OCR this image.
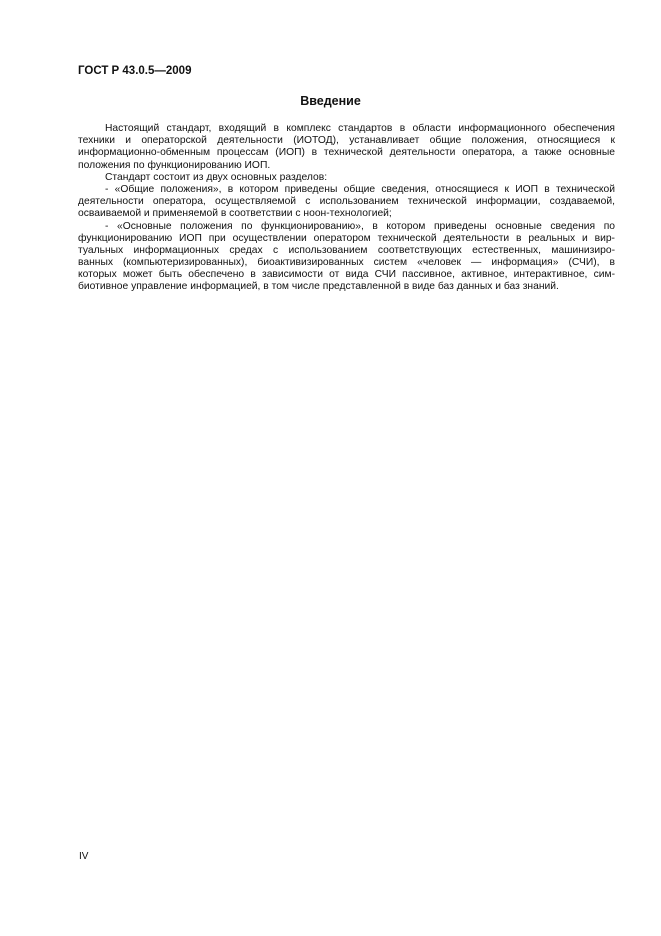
ГОСТ Р 43.0.5—2009
Введение
Настоящий стандарт, входящий в комплекс стандартов в области информационного обеспечения
техники и операторской деятельности (ИОТОД), устанавливает общие положения, относящиеся к
информационно-обменным процессам (ИОП) в технической деятельности оператора, а также основные
положения по функционированию ИОП.
Стандарт состоит из двух основных разделов:
- «Общие положения», в котором приведены общие сведения, относящиеся к ИОП в технической
деятельности оператора, осуществляемой с использованием технической информации, создаваемой,
осваиваемой и применяемой в соответствии с ноон-технологией;
- «Основные положения по функционированию», в котором приведены основные сведения по
функционированию ИОП при осуществлении оператором технической деятельности в реальных и вир-
туальных информационных средах с использованием соответствующих естественных, машинизиро-
ванных (компьютеризированных), биоактивизированных систем «человек — информация» (СЧИ), в
которых может быть обеспечено в зависимости от вида СЧИ пассивное, активное, интерактивное, сим-
биотивное управление информацией, в том числе представленной в виде баз данных и баз знаний.
IV
